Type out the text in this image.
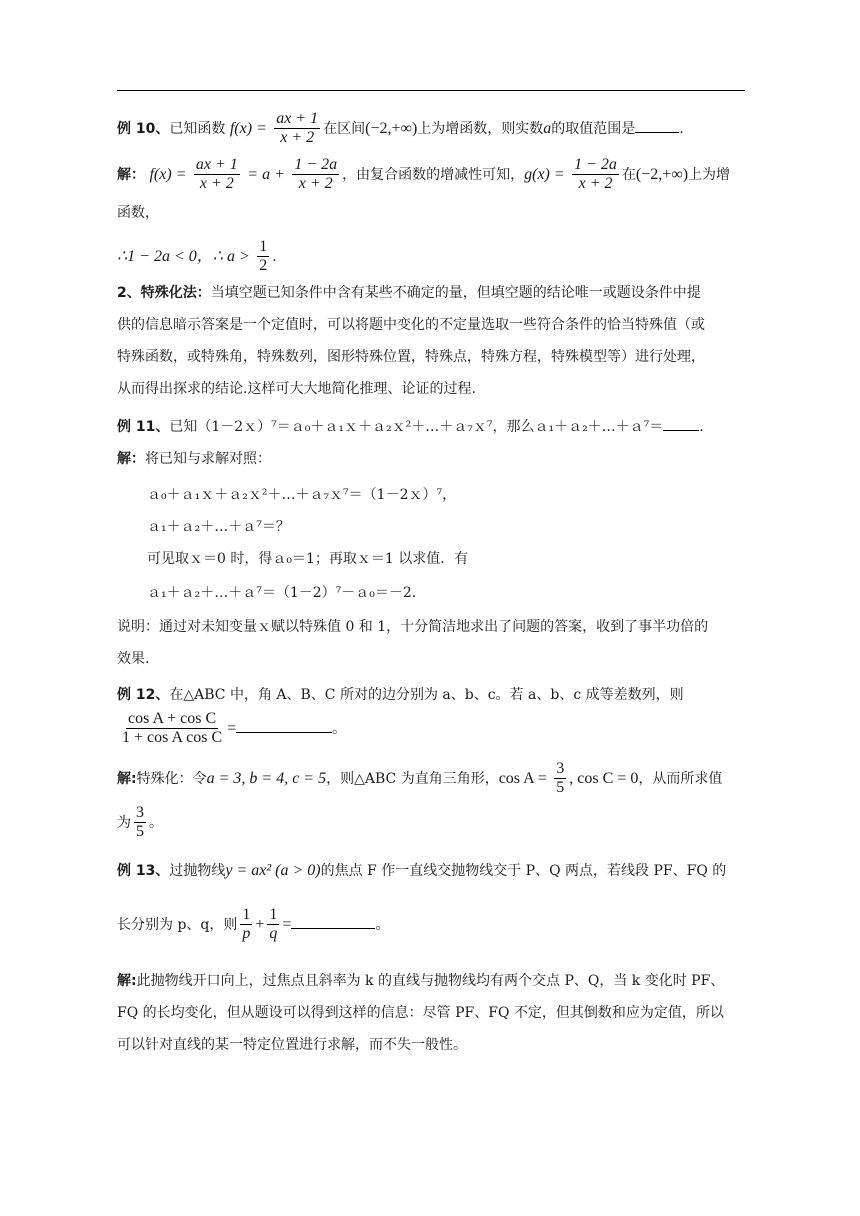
例 10、已知函数 $f(x) = \frac{ax + 1}{x + 2}$ 在区间(−2,+∞)上为增函数，则实数a的取值范围是	.
解： $f(x) = \frac{ax + 1}{x + 2} = a + \frac{1 - 2a}{x + 2}$ ，由复合函数的增减性可知，$g(x) = \frac{1 - 2a}{x + 2}$ 在(−2,+∞)上为增
函数，
∴1 − 2a < 0，∴ $a > \frac{1}{2}$ .
2、特殊化法：当填空题已知条件中含有某些不确定的量，但填空题的结论唯一或题设条件中提
供的信息暗示答案是一个定值时，可以将题中变化的不定量选取一些符合条件的恰当特殊值（或
特殊函数，或特殊角，特殊数列，图形特殊位置，特殊点，特殊方程，特殊模型等）进行处理，
从而得出探求的结论.这样可大大地简化推理、论证的过程.
例 11、已知（1－2ｘ）⁷＝ａ₀＋ａ₁ｘ＋ａ₂ｘ²＋…＋ａ₇ｘ⁷，那么ａ₁＋ａ₂＋…＋ａ⁷＝	.
解：将已知与求解对照：
ａ₀＋ａ₁ｘ＋ａ₂ｘ²＋…＋ａ₇ｘ⁷＝（1－2ｘ）⁷，
ａ₁＋ａ₂＋…＋ａ⁷＝？
可见取ｘ＝0 时，得ａ₀＝1；再取ｘ＝1 以求值．有
ａ₁＋ａ₂＋…＋ａ⁷＝（1－2）⁷－ａ₀＝－2．
说明：通过对未知变量ｘ赋以特殊值 0 和 1，十分简洁地求出了问题的答案，收到了事半功倍的
效果.
例 12、在△ABC 中，角 A、B、C 所对的边分别为 a、b、c。若 a、b、c 成等差数列，则
$\frac{\text{cos A + cos C}}{\text{1 + cos A cos C}}$ =	。
解:特殊化：令a = 3, b = 4, c = 5，则△ABC 为直角三角形，$\cos A = \frac{3}{5}$ , cos C = 0，从而所求值
为 $\frac{3}{5}$ 。
例 13、过抛物线y = ax² (a > 0)的焦点 F 作一直线交抛物线交于 P、Q 两点，若线段 PF、FQ 的
长分别为 p、q，则 $\frac{1}{p} + \frac{1}{q}$ =	。
解:此抛物线开口向上，过焦点且斜率为 k 的直线与抛物线均有两个交点 P、Q，当 k 变化时 PF、
FQ 的长均变化，但从题设可以得到这样的信息：尽管 PF、FQ 不定，但其倒数和应为定值，所以
可以针对直线的某一特定位置进行求解，而不失一般性。
